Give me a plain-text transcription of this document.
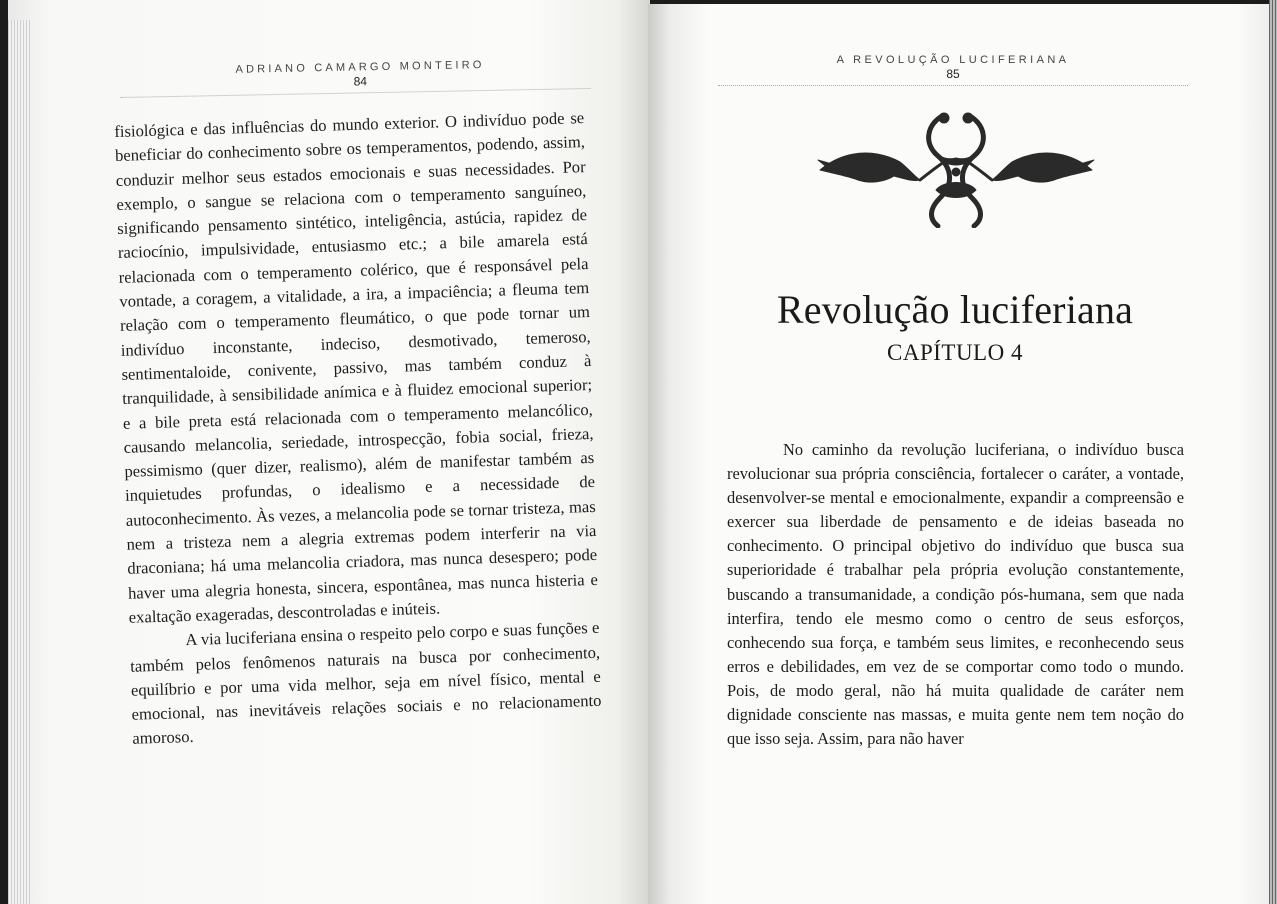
ADRIANO CAMARGO MONTEIRO
84

fisiológica e das influências do mundo exterior. O indivíduo pode se beneficiar do conhecimento sobre os temperamentos, podendo, assim, conduzir melhor seus estados emocionais e suas necessidades. Por exemplo, o sangue se relaciona com o temperamento sanguíneo, significando pensamento sintético, inteligência, astúcia, rapidez de raciocínio, impulsividade, entusiasmo etc.; a bile amarela está relacionada com o temperamento colérico, que é responsável pela vontade, a coragem, a vitalidade, a ira, a impaciência; a fleuma tem relação com o temperamento fleumático, o que pode tornar um indivíduo inconstante, indeciso, desmotivado, temeroso, sentimentaloide, conivente, passivo, mas também conduz à tranquilidade, à sensibilidade anímica e à fluidez emocional superior; e a bile preta está relacionada com o temperamento melancólico, causando melancolia, seriedade, introspecção, fobia social, frieza, pessimismo (quer dizer, realismo), além de manifestar também as inquietudes profundas, o idealismo e a necessidade de autoconhecimento. Às vezes, a melancolia pode se tornar tristeza, mas nem a tristeza nem a alegria extremas podem interferir na via draconiana; há uma melancolia criadora, mas nunca desespero; pode haver uma alegria honesta, sincera, espontânea, mas nunca histeria e exaltação exageradas, descontroladas e inúteis.

A via luciferiana ensina o respeito pelo corpo e suas funções e também pelos fenômenos naturais na busca por conhecimento, equilíbrio e por uma vida melhor, seja em nível físico, mental e emocional, nas inevitáveis relações sociais e no relacionamento amoroso.

A REVOLUÇÃO LUCIFERIANA
85
Revolução luciferiana
CAPÍTULO 4

No caminho da revolução luciferiana, o indivíduo busca revolucionar sua própria consciência, fortalecer o caráter, a vontade, desenvolver-se mental e emocionalmente, expandir a compreensão e exercer sua liberdade de pensamento e de ideias baseada no conhecimento. O principal objetivo do indivíduo que busca sua superioridade é trabalhar pela própria evolução constantemente, buscando a transumanidade, a condição pós-humana, sem que nada interfira, tendo ele mesmo como o centro de seus esforços, conhecendo sua força, e também seus limites, e reconhecendo seus erros e debilidades, em vez de se comportar como todo o mundo. Pois, de modo geral, não há muita qualidade de caráter nem dignidade consciente nas massas, e muita gente nem tem noção do que isso seja. Assim, para não haver
